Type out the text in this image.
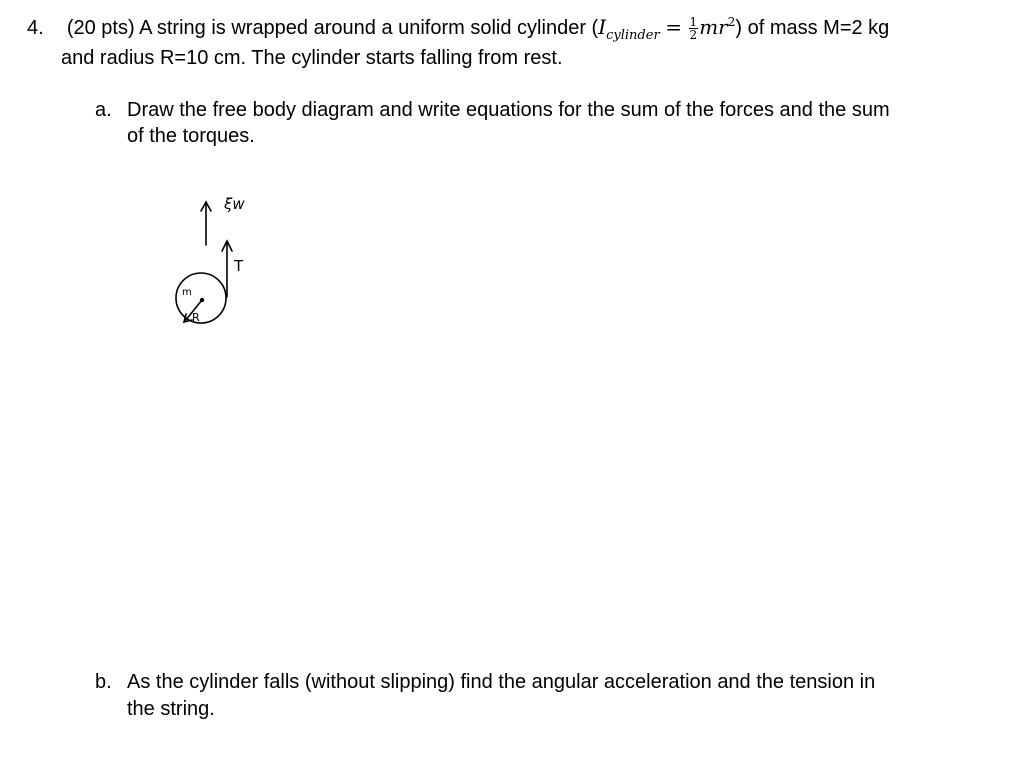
4. (20 pts) A string is wrapped around a uniform solid cylinder $(I_{cylinder} = \frac{1}{2} mr^2)$ of mass M=2 kg
and radius R=10 cm. The cylinder starts falling from rest.
a. Draw the free body diagram and write equations for the sum of the forces and the sum
of the torques.
ξw
T
m
R
b. As the cylinder falls (without slipping) find the angular acceleration and the tension in
the string.
